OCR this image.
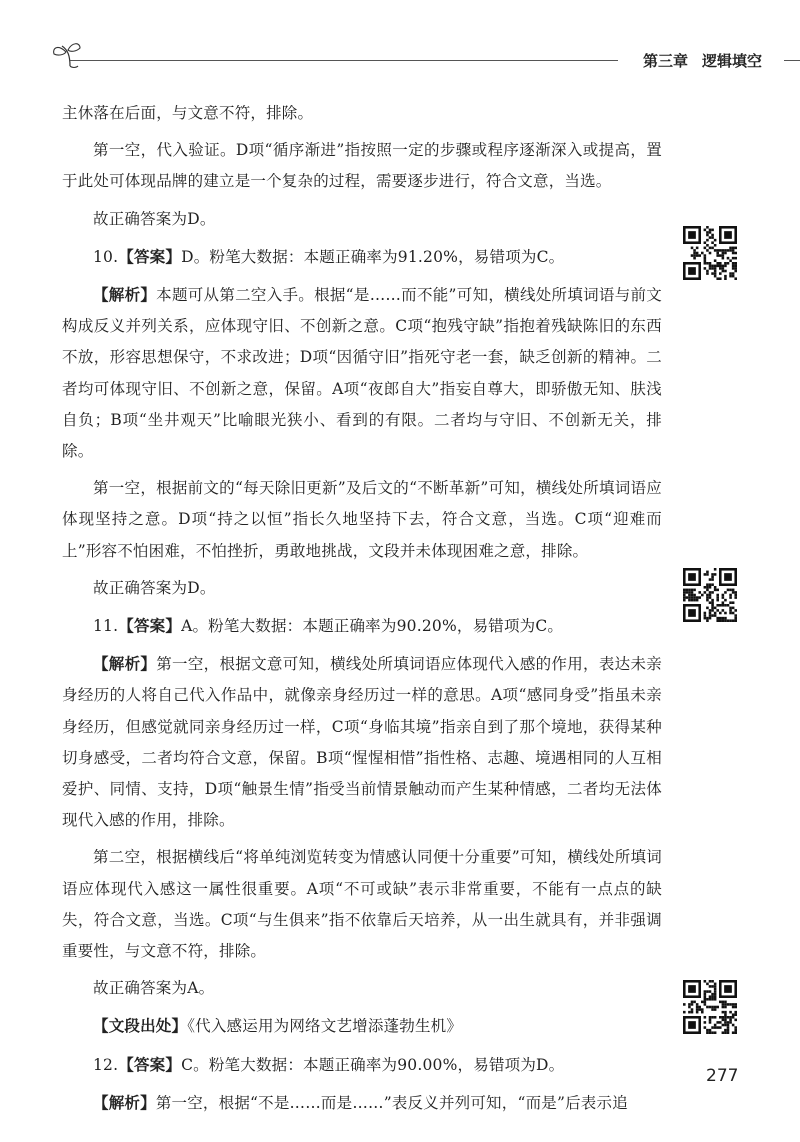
第三章 逻辑填空

主休落在后面，与文意不符，排除。

第一空，代入验证。D项“循序渐进”指按照一定的步骤或程序逐渐深入或提高，置于此处可体现品牌的建立是一个复杂的过程，需要逐步进行，符合文意，当选。

故正确答案为D。

10.【答案】D。粉笔大数据：本题正确率为91.20%，易错项为C。

【解析】本题可从第二空入手。根据“是……而不能”可知，横线处所填词语与前文构成反义并列关系，应体现守旧、不创新之意。C项“抱残守缺”指抱着残缺陈旧的东西不放，形容思想保守，不求改进；D项“因循守旧”指死守老一套，缺乏创新的精神。二者均可体现守旧、不创新之意，保留。A项“夜郎自大”指妄自尊大，即骄傲无知、肤浅自负；B项“坐井观天”比喻眼光狭小、看到的有限。二者均与守旧、不创新无关，排除。

第一空，根据前文的“每天除旧更新”及后文的“不断革新”可知，横线处所填词语应体现坚持之意。D项“持之以恒”指长久地坚持下去，符合文意，当选。C项“迎难而上”形容不怕困难，不怕挫折，勇敢地挑战，文段并未体现困难之意，排除。

故正确答案为D。

11.【答案】A。粉笔大数据：本题正确率为90.20%，易错项为C。

【解析】第一空，根据文意可知，横线处所填词语应体现代入感的作用，表达未亲身经历的人将自己代入作品中，就像亲身经历过一样的意思。A项“感同身受”指虽未亲身经历，但感觉就同亲身经历过一样，C项“身临其境”指亲自到了那个境地，获得某种切身感受，二者均符合文意，保留。B项“惺惺相惜”指性格、志趣、境遇相同的人互相爱护、同情、支持，D项“触景生情”指受当前情景触动而产生某种情感，二者均无法体现代入感的作用，排除。

第二空，根据横线后“将单纯浏览转变为情感认同便十分重要”可知，横线处所填词语应体现代入感这一属性很重要。A项“不可或缺”表示非常重要，不能有一点点的缺失，符合文意，当选。C项“与生俱来”指不依靠后天培养，从一出生就具有，并非强调重要性，与文意不符，排除。

故正确答案为A。

【文段出处】《代入感运用为网络文艺增添蓬勃生机》

12.【答案】C。粉笔大数据：本题正确率为90.00%，易错项为D。

【解析】第一空，根据“不是……而是……”表反义并列可知，“而是”后表示追

277
